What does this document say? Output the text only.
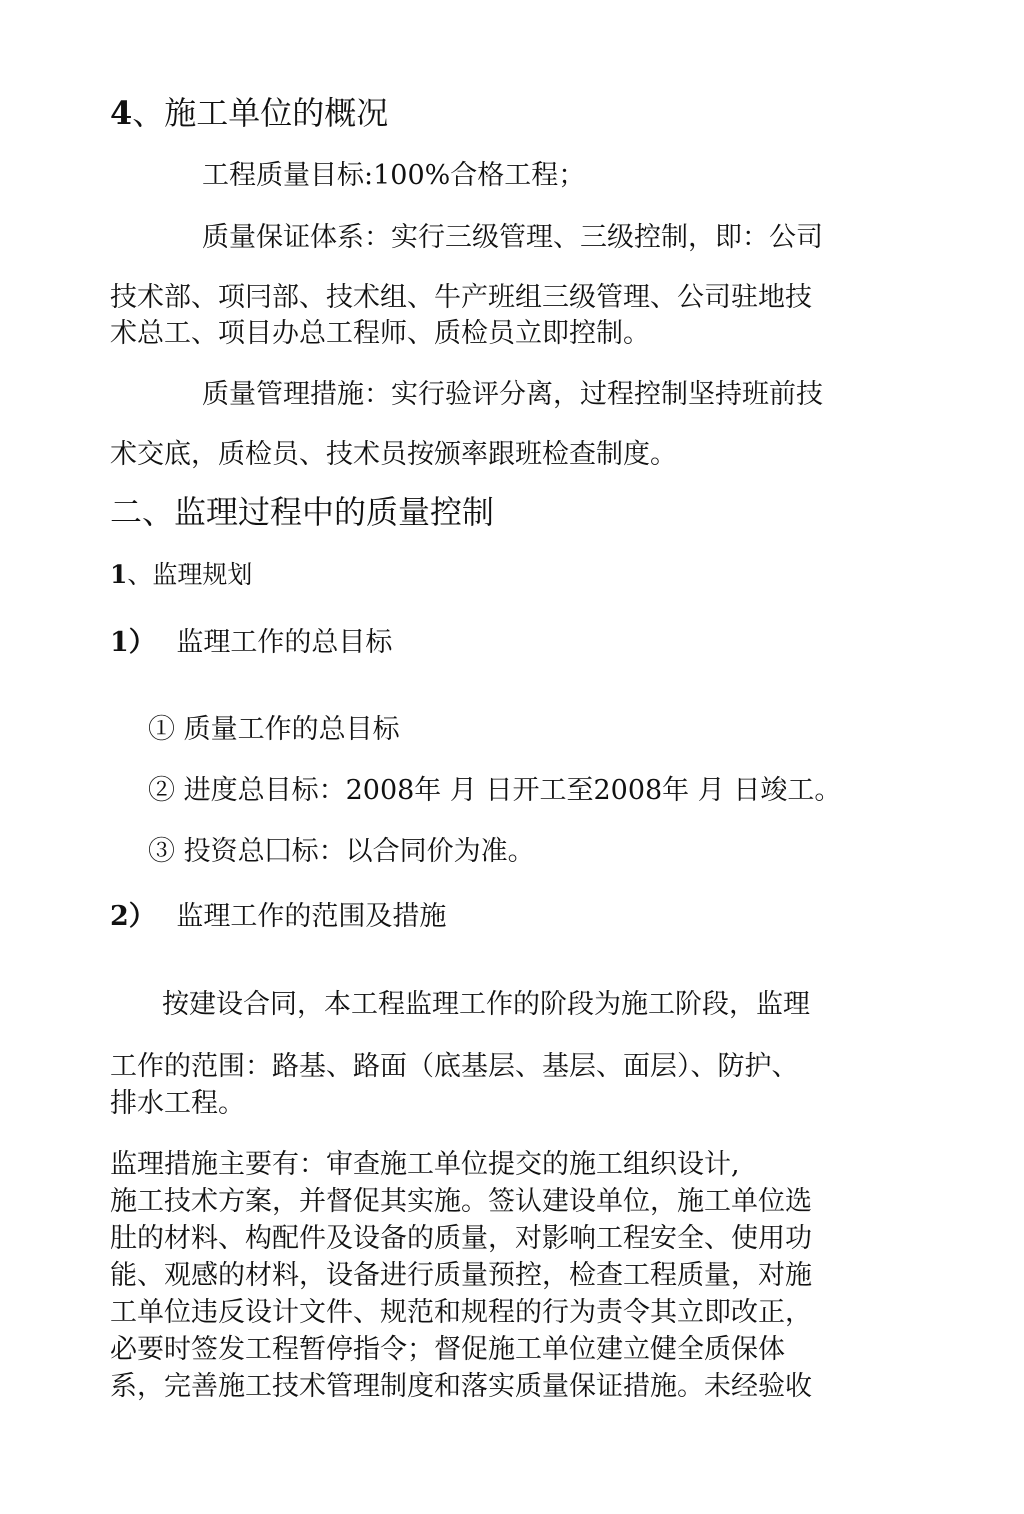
4、施工单位的概况
工程质量目标:100%合格工程；
质量保证体系：实行三级管理、三级控制，即：公司
技术部、项冃部、技术组、牛产班组三级管理、公司驻地技
术总工、项目办总工程师、质检员立即控制。
质量管理措施：实行验评分离，过程控制坚持班前技
术交底，质检员、技术员按颁率跟班检查制度。
二、监理过程中的质量控制
1、监理规划
1） 监理工作的总目标
① 质量工作的总目标
② 进度总目标：2008年 月 日开工至2008年 月 日竣工。
③ 投资总囗标：以合同价为准。
2） 监理工作的范围及措施
按建设合同，本工程监理工作的阶段为施工阶段，监理
工作的范围：路基、路面（底基层、基层、面层）、防护、
排水工程。
监理措施主要有：审查施工单位提交的施工组织设计,
施工技术方案，并督促其实施。签认建设单位，施工单位选
肚的材料、构配件及设备的质量，对影响工程安全、使用功
能、观感的材料，设备进行质量预控，检查工程质量，对施
工单位违反设计文件、规范和规程的行为责令其立即改正，
必要时签发工程暂停指令；督促施工单位建立健全质保体
系，完善施工技术管理制度和落实质量保证措施。未经验收
